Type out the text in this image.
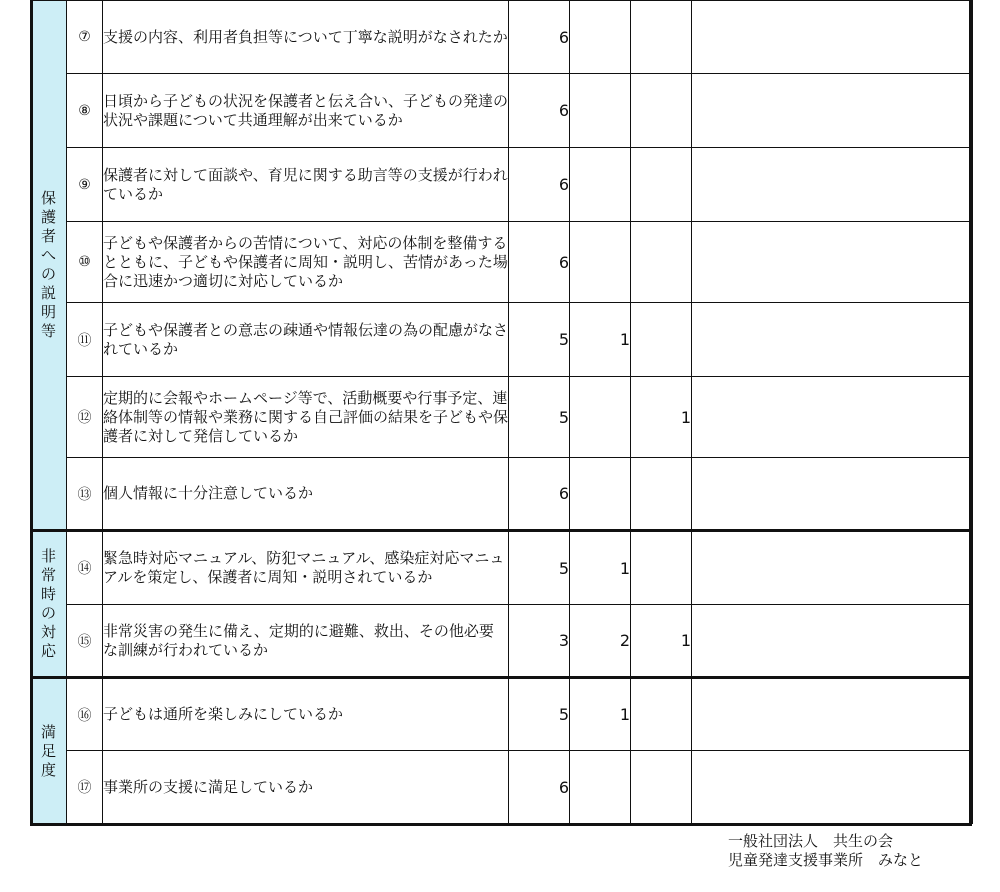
保護者への説明等	⑦	支援の内容、利用者負担等について丁寧な説明がなされたか	6			
	⑧	日頃から子どもの状況を保護者と伝え合い、子どもの発達の状況や課題について共通理解が出来ているか	6			
	⑨	保護者に対して面談や、育児に関する助言等の支援が行われているか	6			
	⑩	子どもや保護者からの苦情について、対応の体制を整備するとともに、子どもや保護者に周知・説明し、苦情があった場合に迅速かつ適切に対応しているか	6			
	⑪	子どもや保護者との意志の疎通や情報伝達の為の配慮がなされているか	5	1		
	⑫	定期的に会報やホームページ等で、活動概要や行事予定、連絡体制等の情報や業務に関する自己評価の結果を子どもや保護者に対して発信しているか	5		1	
	⑬	個人情報に十分注意しているか	6			
非常時の対応	⑭	緊急時対応マニュアル、防犯マニュアル、感染症対応マニュアルを策定し、保護者に周知・説明されているか	5	1		
	⑮	非常災害の発生に備え、定期的に避難、救出、その他必要な訓練が行われているか	3	2	1	
満足度	⑯	子どもは通所を楽しみにしているか	5	1		
	⑰	事業所の支援に満足しているか	6			
一般社団法人　共生の会
児童発達支援事業所　みなと
